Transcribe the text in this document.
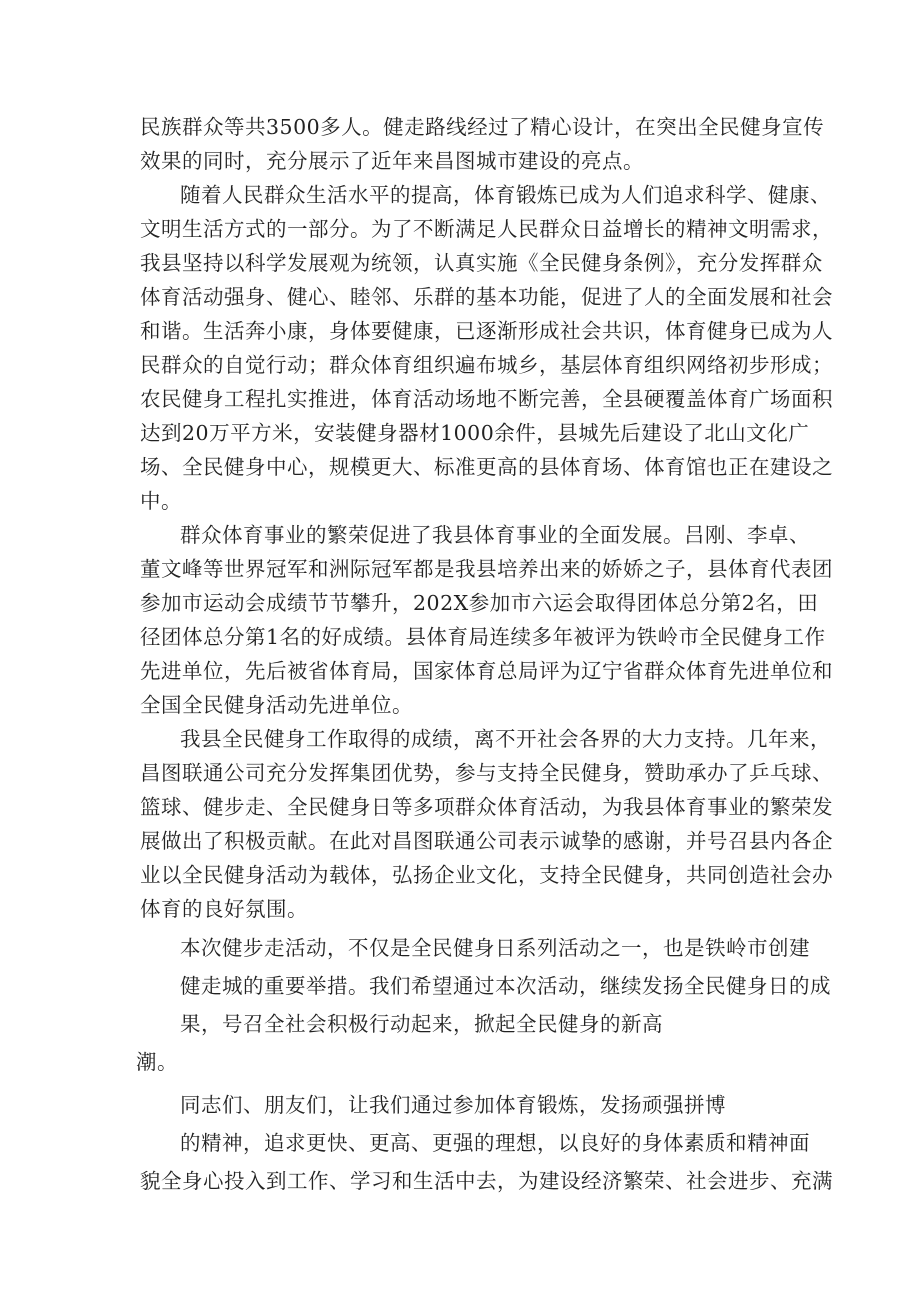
民族群众等共3500多人。健走路线经过了精心设计，在突出全民健身宣传
效果的同时，充分展示了近年来昌图城市建设的亮点。
随着人民群众生活水平的提高，体育锻炼已成为人们追求科学、健康、
文明生活方式的一部分。为了不断满足人民群众日益增长的精神文明需求，
我县坚持以科学发展观为统领，认真实施《全民健身条例》，充分发挥群众
体育活动强身、健心、睦邻、乐群的基本功能，促进了人的全面发展和社会
和谐。生活奔小康，身体要健康，已逐渐形成社会共识，体育健身已成为人
民群众的自觉行动；群众体育组织遍布城乡，基层体育组织网络初步形成；
农民健身工程扎实推进，体育活动场地不断完善，全县硬覆盖体育广场面积
达到20万平方米，安装健身器材1000余件，县城先后建设了北山文化广
场、全民健身中心，规模更大、标准更高的县体育场、体育馆也正在建设之
中。
群众体育事业的繁荣促进了我县体育事业的全面发展。吕刚、李卓、
董文峰等世界冠军和洲际冠军都是我县培养出来的娇娇之子，县体育代表团
参加市运动会成绩节节攀升，202X参加市六运会取得团体总分第2名，田
径团体总分第1名的好成绩。县体育局连续多年被评为铁岭市全民健身工作
先进单位，先后被省体育局，国家体育总局评为辽宁省群众体育先进单位和
全国全民健身活动先进单位。
我县全民健身工作取得的成绩，离不开社会各界的大力支持。几年来，
昌图联通公司充分发挥集团优势，参与支持全民健身，赞助承办了乒乓球、
篮球、健步走、全民健身日等多项群众体育活动，为我县体育事业的繁荣发
展做出了积极贡献。在此对昌图联通公司表示诚挚的感谢，并号召县内各企
业以全民健身活动为载体，弘扬企业文化，支持全民健身，共同创造社会办
体育的良好氛围。
本次健步走活动，不仅是全民健身日系列活动之一，也是铁岭市创建
健走城的重要举措。我们希望通过本次活动，继续发扬全民健身日的成
果，号召全社会积极行动起来，掀起全民健身的新高
潮。
同志们、朋友们，让我们通过参加体育锻炼，发扬顽强拼博
的精神，追求更快、更高、更强的理想，以良好的身体素质和精神面
貌全身心投入到工作、学习和生活中去，为建设经济繁荣、社会进步、充满
